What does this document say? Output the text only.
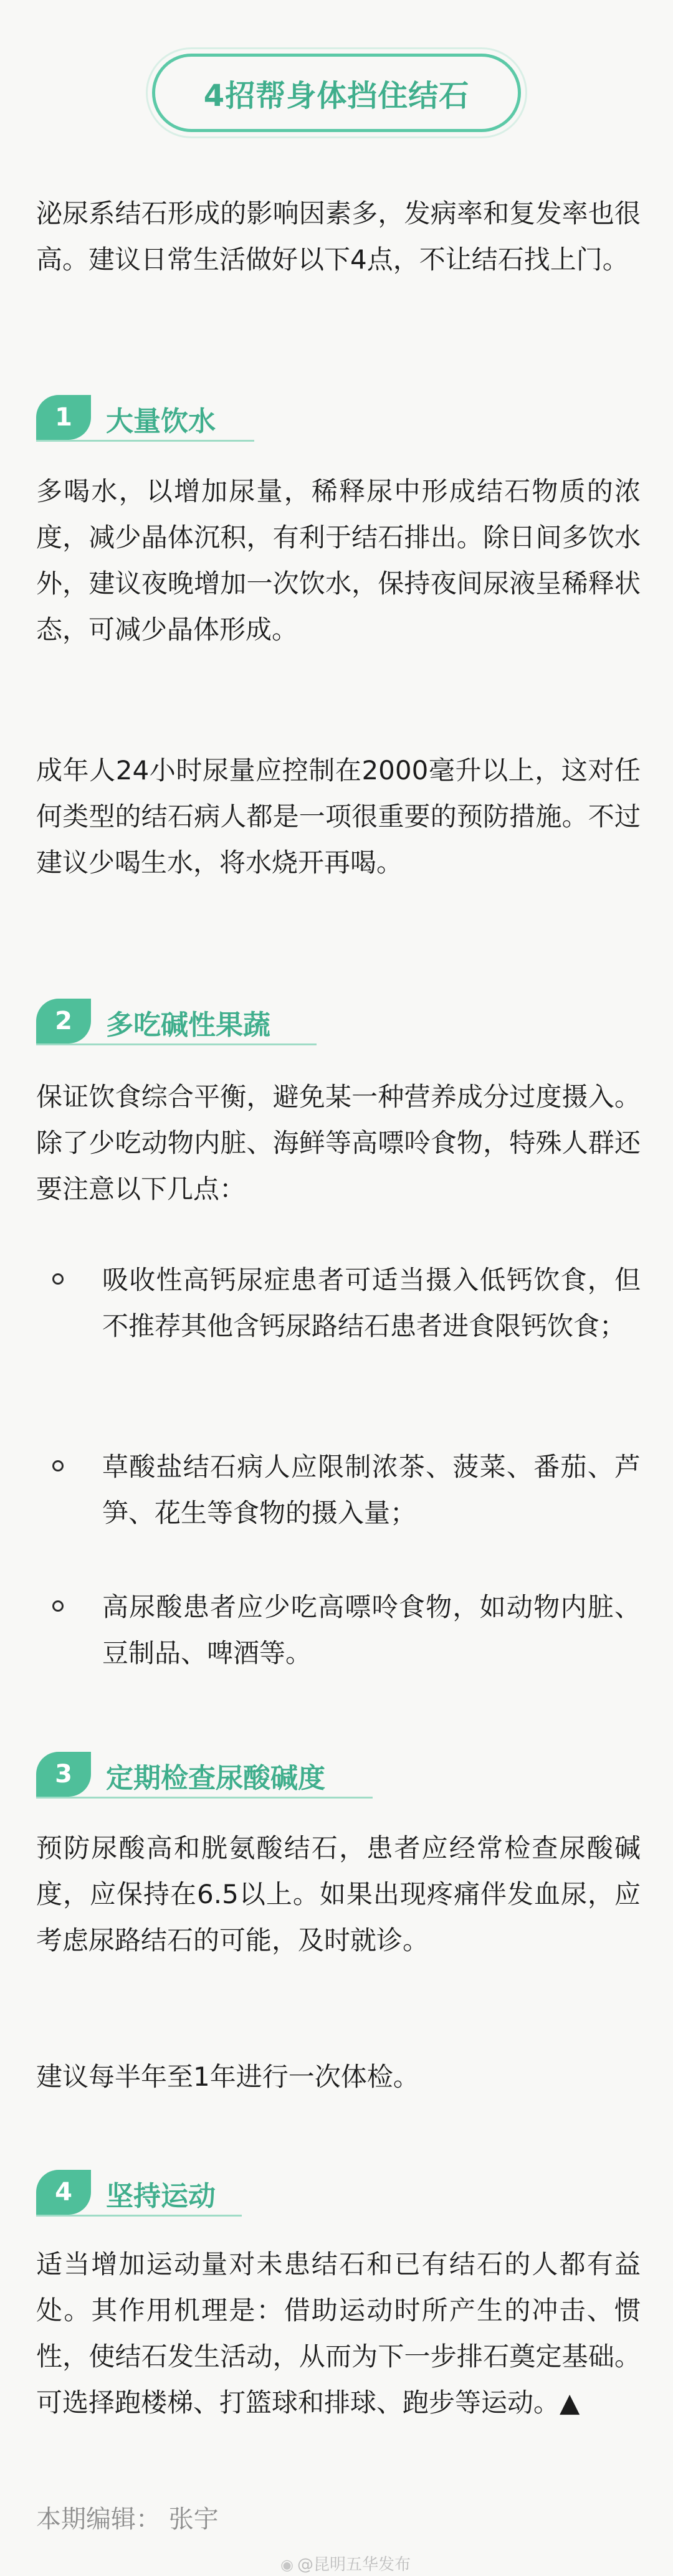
4招帮身体挡住结石

泌尿系结石形成的影响因素多，发病率和复发率也很高。建议日常生活做好以下4点，不让结石找上门。

1	大量饮水

多喝水，以增加尿量，稀释尿中形成结石物质的浓度，减少晶体沉积，有利于结石排出。除日间多饮水外，建议夜晚增加一次饮水，保持夜间尿液呈稀释状态，可减少晶体形成。

成年人24小时尿量应控制在2000毫升以上，这对任何类型的结石病人都是一项很重要的预防措施。不过建议少喝生水，将水烧开再喝。

2	多吃碱性果蔬

保证饮食综合平衡，避免某一种营养成分过度摄入。除了少吃动物内脏、海鲜等高嘌呤食物，特殊人群还要注意以下几点：

吸收性高钙尿症患者可适当摄入低钙饮食，但不推荐其他含钙尿路结石患者进食限钙饮食；
草酸盐结石病人应限制浓茶、菠菜、番茄、芦笋、花生等食物的摄入量；
高尿酸患者应少吃高嘌呤食物，如动物内脏、豆制品、啤酒等。
3	定期检查尿酸碱度

预防尿酸高和胱氨酸结石，患者应经常检查尿酸碱度，应保持在6.5以上。如果出现疼痛伴发血尿，应考虑尿路结石的可能，及时就诊。

建议每半年至1年进行一次体检。

4	坚持运动

适当增加运动量对未患结石和已有结石的人都有益处。其作用机理是：借助运动时所产生的冲击、惯性，使结石发生活动，从而为下一步排石奠定基础。可选择跑楼梯、打篮球和排球、跑步等运动。▲

本期编辑： 张宇
◉ @昆明五华发布
